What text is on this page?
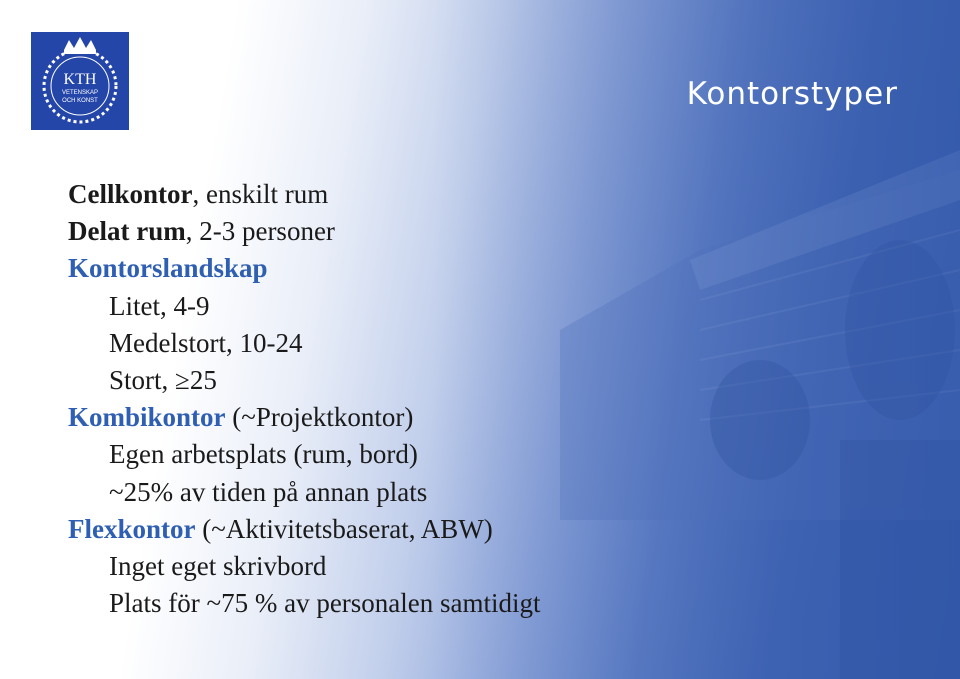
KTH
VETENSKAP
OCH KONST	Kontorstyper
Cellkontor, enskilt rum
Delat rum, 2-3 personer
Kontorslandskap
Litet, 4-9
Medelstort, 10-24
Stort, ≥25
Kombikontor (~Projektkontor)
Egen arbetsplats (rum, bord)
~25% av tiden på annan plats
Flexkontor (~Aktivitetsbaserat, ABW)
Inget eget skrivbord
Plats för ~75 % av personalen samtidigt
